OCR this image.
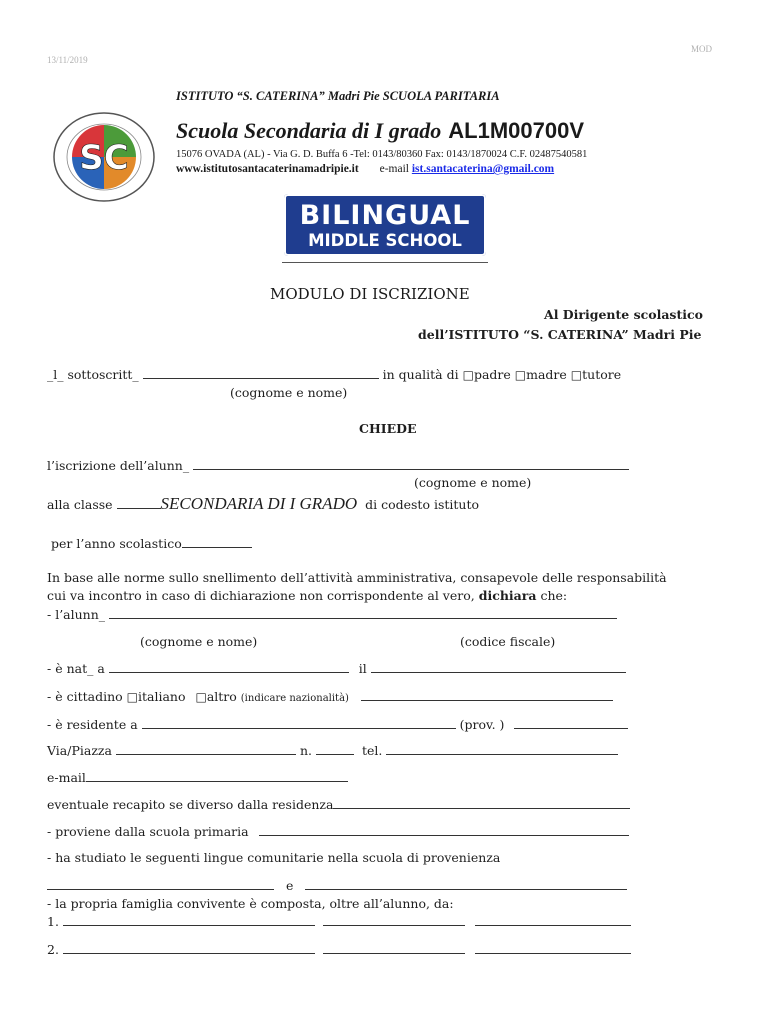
13/11/2019
MOD
ISTITUTO “S. CATERINA” Madri Pie SCUOLA PARITARIA
SC
Scuola Secondaria di I grado AL1M00700V
15076 OVADA (AL) - Via G. D. Buffa 6 -Tel: 0143/80360 Fax: 0143/1870024 C.F. 02487540581
www.istitutosantacaterinamadripie.it e-mail ist.santacaterina@gmail.com
BILINGUAL
MIDDLE SCHOOL
MODULO DI ISCRIZIONE
Al Dirigente scolastico
dell’ISTITUTO “S. CATERINA” Madri Pie
_l_ sottoscritt_	in qualità di □padre □madre □tutore
(cognome e nome)
CHIEDE
l’iscrizione dell’alunn_
(cognome e nome)
alla classe	SECONDARIA DI I GRADO di codesto istituto
per l’anno scolastico
In base alle norme sullo snellimento dell’attività amministrativa, consapevole delle responsabilità
cui va incontro in caso di dichiarazione non corrispondente al vero, dichiara che:
- l’alunn_
(cognome e nome)	(codice fiscale)
- è nat_ a	il
- è cittadino □italiano □altro (indicare nazionalità)
- è residente a	(prov. )
Via/Piazza	n.	tel.
e-mail
eventuale recapito se diverso dalla residenza
- proviene dalla scuola primaria
- ha studiato le seguenti lingue comunitarie nella scuola di provenienza
e
- la propria famiglia convivente è composta, oltre all’alunno, da:
1.
2.
